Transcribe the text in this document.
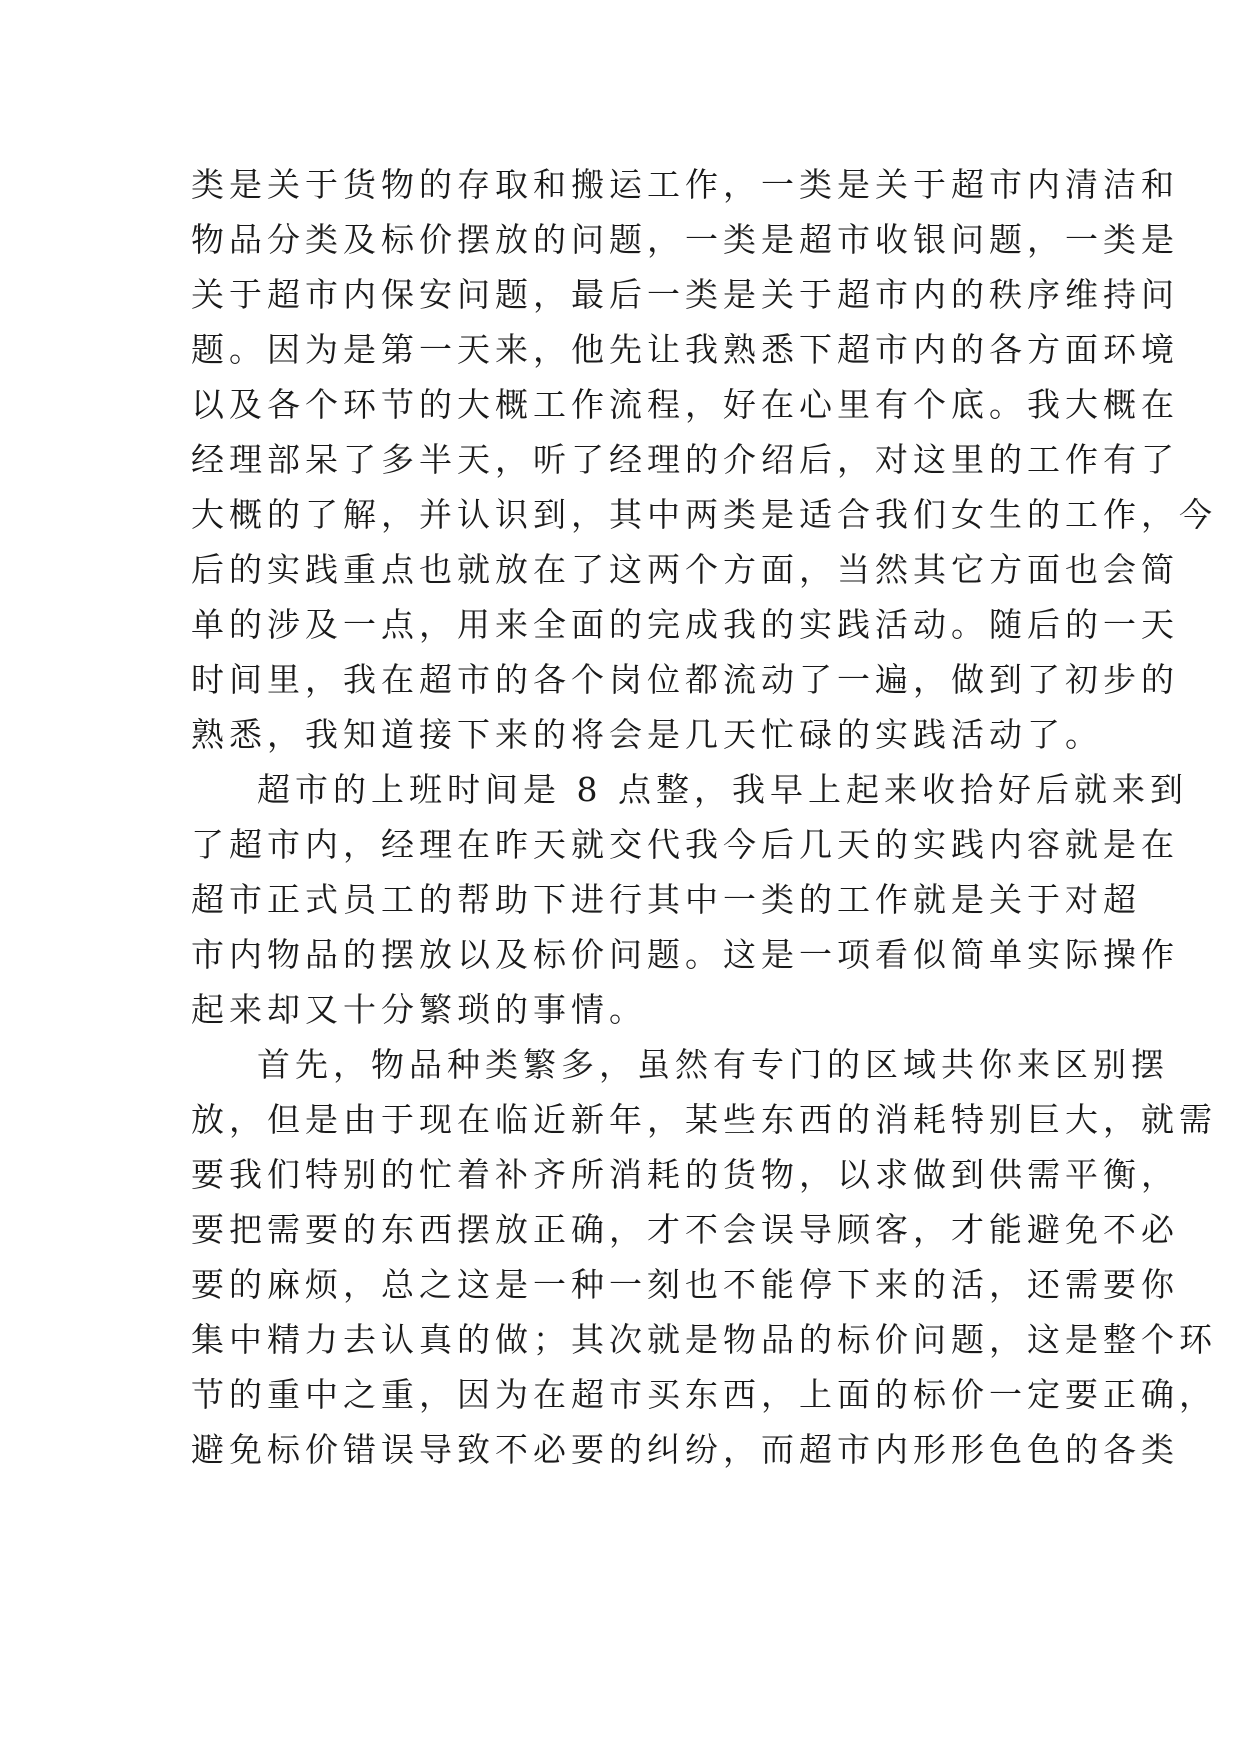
类是关于货物的存取和搬运工作，一类是关于超市内清洁和
物品分类及标价摆放的问题，一类是超市收银问题，一类是
关于超市内保安问题，最后一类是关于超市内的秩序维持问
题。因为是第一天来，他先让我熟悉下超市内的各方面环境
以及各个环节的大概工作流程，好在心里有个底。我大概在
经理部呆了多半天，听了经理的介绍后，对这里的工作有了
大概的了解，并认识到，其中两类是适合我们女生的工作，今
后的实践重点也就放在了这两个方面，当然其它方面也会简
单的涉及一点，用来全面的完成我的实践活动。随后的一天
时间里，我在超市的各个岗位都流动了一遍，做到了初步的
熟悉，我知道接下来的将会是几天忙碌的实践活动了。
超市的上班时间是 8 点整，我早上起来收拾好后就来到
了超市内，经理在昨天就交代我今后几天的实践内容就是在
超市正式员工的帮助下进行其中一类的工作就是关于对超
市内物品的摆放以及标价问题。这是一项看似简单实际操作
起来却又十分繁琐的事情。
首先，物品种类繁多，虽然有专门的区域共你来区别摆
放，但是由于现在临近新年，某些东西的消耗特别巨大，就需
要我们特别的忙着补齐所消耗的货物，以求做到供需平衡，
要把需要的东西摆放正确，才不会误导顾客，才能避免不必
要的麻烦，总之这是一种一刻也不能停下来的活，还需要你
集中精力去认真的做；其次就是物品的标价问题，这是整个环
节的重中之重，因为在超市买东西，上面的标价一定要正确，
避免标价错误导致不必要的纠纷，而超市内形形色色的各类
